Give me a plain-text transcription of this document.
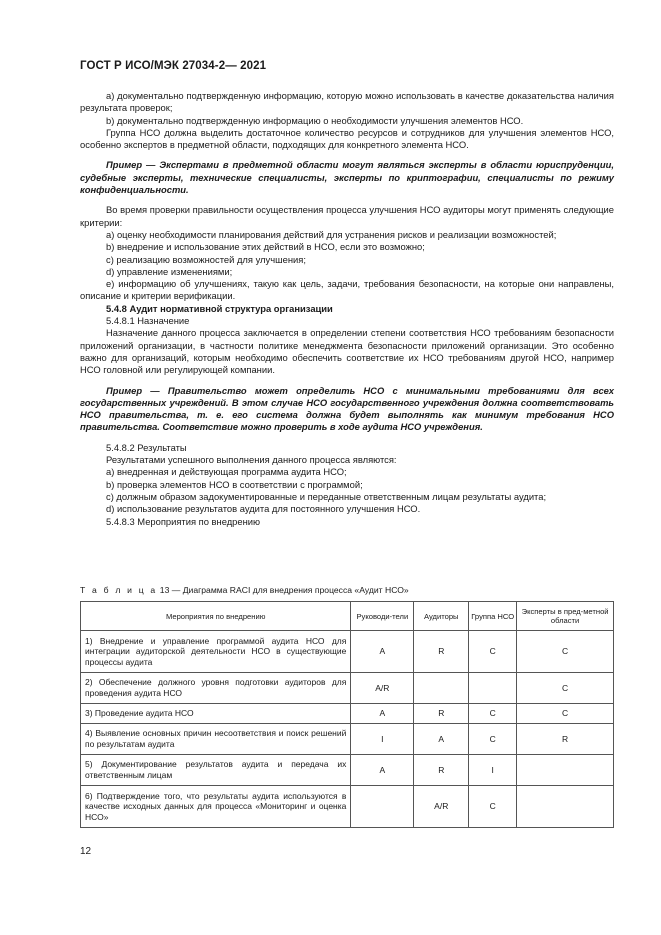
ГОСТ Р ИСО/МЭК 27034-2— 2021

a) документально подтвержденную информацию, которую можно использовать в качестве доказательства наличия результата проверок;

b) документально подтвержденную информацию о необходимости улучшения элементов НСО.

Группа НСО должна выделить достаточное количество ресурсов и сотрудников для улучшения элементов НСО, особенно экспертов в предметной области, подходящих для конкретного элемента НСО.

Пример — Экспертами в предметной области могут являться эксперты в области юриспруденции, судебные эксперты, технические специалисты, эксперты по криптографии, специалисты по режиму конфиденциальности.

Во время проверки правильности осуществления процесса улучшения НСО аудиторы могут применять следующие критерии:

а) оценку необходимости планирования действий для устранения рисков и реализации возможностей;

b) внедрение и использование этих действий в НСО, если это возможно;

c) реализацию возможностей для улучшения;

d) управление изменениями;

e) информацию об улучшениях, такую как цель, задачи, требования безопасности, на которые они направлены, описание и критерии верификации.

5.4.8 Аудит нормативной структура организации

5.4.8.1 Назначение

Назначение данного процесса заключается в определении степени соответствия НСО требованиям безопасности приложений организации, в частности политике менеджмента безопасности приложений организации. Это особенно важно для организаций, которым необходимо обеспечить соответствие их НСО требованиям другой НСО, например НСО головной или регулирующей компании.

Пример — Правительство может определить НСО с минимальными требованиями для всех государственных учреждений. В этом случае НСО государственного учреждения должна соответствовать НСО правительства, т. е. его система должна будет выполнять как минимум требования НСО правительства. Соответствие можно проверить в ходе аудита НСО учреждения.

5.4.8.2 Результаты

Результатами успешного выполнения данного процесса являются:

a) внедренная и действующая программа аудита НСО;

b) проверка элементов НСО в соответствии с программой;

c) должным образом задокументированные и переданные ответственным лицам результаты аудита;

d) использование результатов аудита для постоянного улучшения НСО.

5.4.8.3 Мероприятия по внедрению

Т а б л и ц а 13 — Диаграмма RACI для внедрения процесса «Аудит НСО»
Мероприятия по внедрению	Руководи-тели	Аудиторы	Группа НСО	Эксперты в пред-метной области
1) Внедрение и управление программой аудита НСО для интеграции аудиторской деятельности НСО в существующие процессы аудита	A	R	C	C
2) Обеспечение должного уровня подготовки аудиторов для проведения аудита НСО	A/R			C
3) Проведение аудита НСО	A	R	C	C
4) Выявление основных причин несоответствия и поиск решений по результатам аудита	I	A	C	R
5) Документирование результатов аудита и передача их ответственным лицам	A	R	I	
6) Подтверждение того, что результаты аудита используются в качестве исходных данных для процесса «Мониторинг и оценка НСО»		A/R	C	
12
